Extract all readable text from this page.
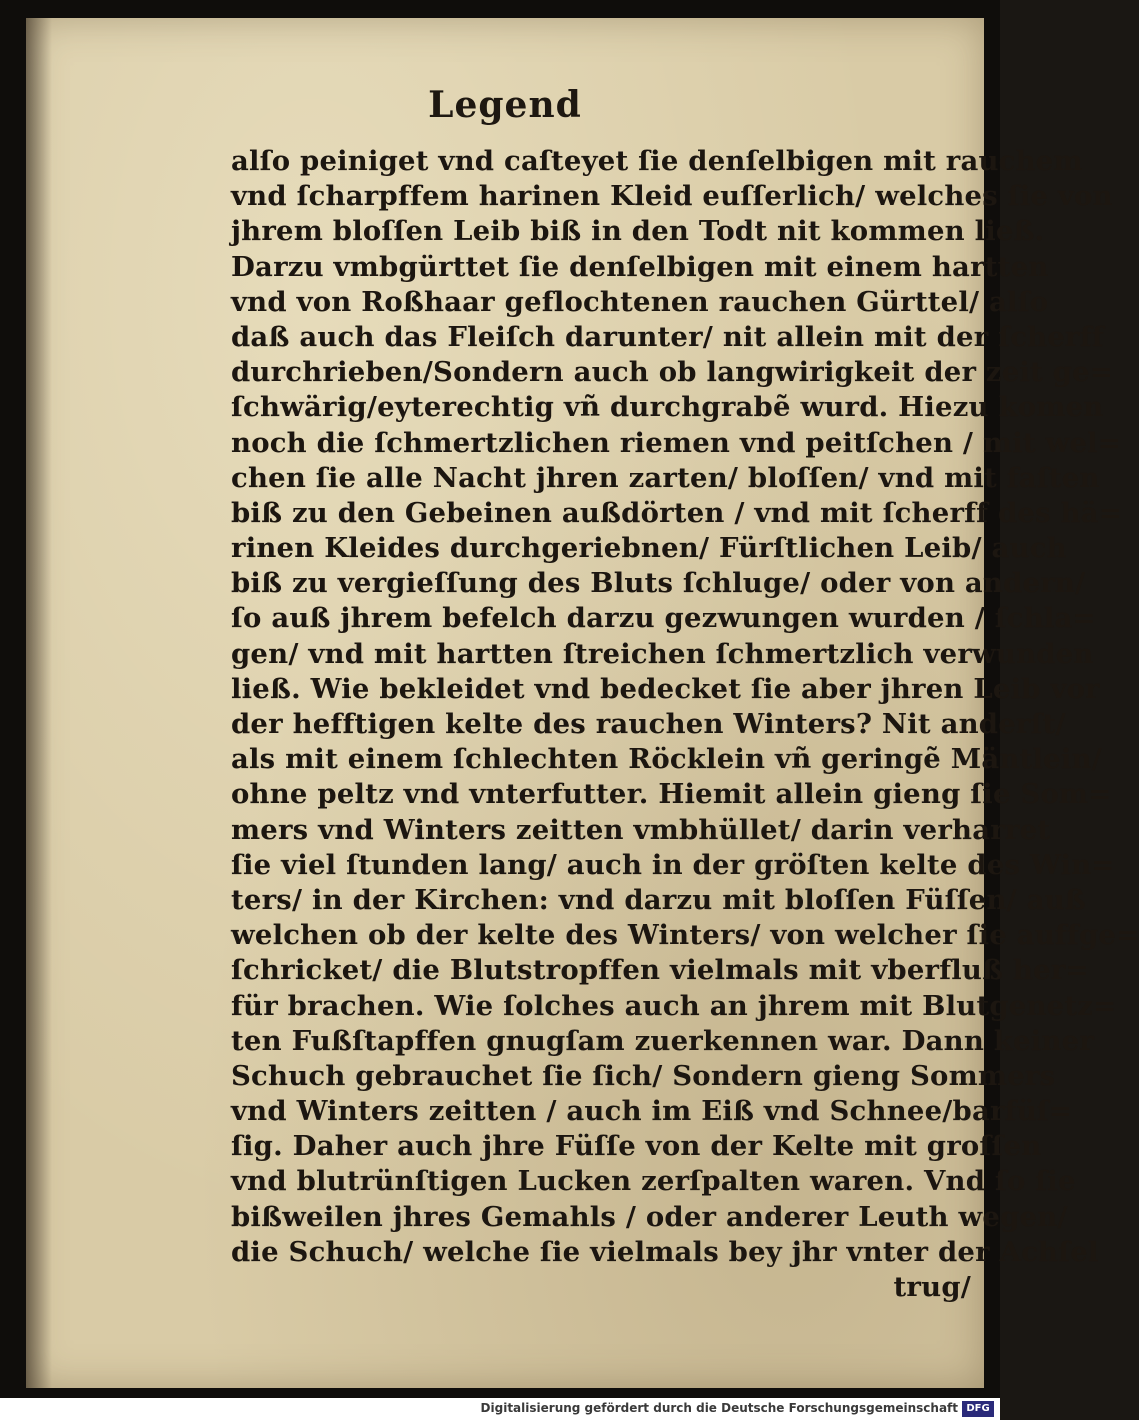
Legend
alſo peiniget vnd caſteyet ſie denſelbigen mit rauchem
vnd ſcharpffem harinen Kleid euſſerlich/ welches ſie von
jhrem bloſſen Leib biß in den Todt nit kommen ließ.
Darzu vmbgürttet ſie denſelbigen mit einem hartten
vnd von Roßhaar geflochtenen rauchen Gürttel/ alſo
daß auch das Fleiſch darunter/ nit allein mit der ſcherff
durchrieben/Sondern auch ob langwirigkeit der zeit ge=
ſchwärig/eyterechtig vñ durchgrabẽ wurd. Hiezu komen
noch die ſchmertzlichen riemen vnd peitſchen / mit wel=
chen ſie alle Nacht jhren zarten/ bloſſen/ vnd mit faſten
biß zu den Gebeinen außdörten / vnd mit ſcherff des hä=
rinen Kleides durchgeriebnen/ Fürſtlichen Leib/ auch
biß zu vergieſſung des Bluts ſchluge/ oder von andern/
ſo auß jhrem befelch darzu gezwungen wurden / ſchla=
gen/ vnd mit hartten ſtreichen ſchmertzlich verwunden
ließ. Wie bekleidet vnd bedecket ſie aber jhren Leib vor
der hefftigen kelte des rauchen Winters? Nit anderſt/
als mit einem ſchlechten Röcklein vñ geringẽ Mäntlein/
ohne peltz vnd vnterfutter. Hiemit allein gieng ſie Som=
mers vnd Winters zeitten vmbhüllet/ darin verharret
ſie viel ſtunden lang/ auch in der gröſten kelte des Win=
ters/ in der Kirchen: vnd darzu mit bloſſen Füſſen/ auß
welchen ob der kelte des Winters/ von welcher ſie auffge=
ſchricket/ die Blutstropffen vielmals mit vberfluß her=
für brachen. Wie ſolches auch an jhrem mit Blutgenetz=
ten Fußſtapffen gnugſam zuerkennen war. Dann keiner
Schuch gebrauchet ſie ſich/ Sondern gieng Sommers
vnd Winters zeitten / auch im Eiß vnd Schnee/barfüſ=
ſig. Daher auch jhre Füſſe von der Kelte mit groſſen
vnd blutrünſtigen Lucken zerſpalten waren. Vnd ſo ſie
bißweilen jhres Gemahls / oder anderer Leuth wegen/
die Schuch/ welche ſie vielmals bey jhr vnter der Achſel
trug/
Digitalisierung gefördert durch die Deutsche Forschungsgemeinschaft DFG
